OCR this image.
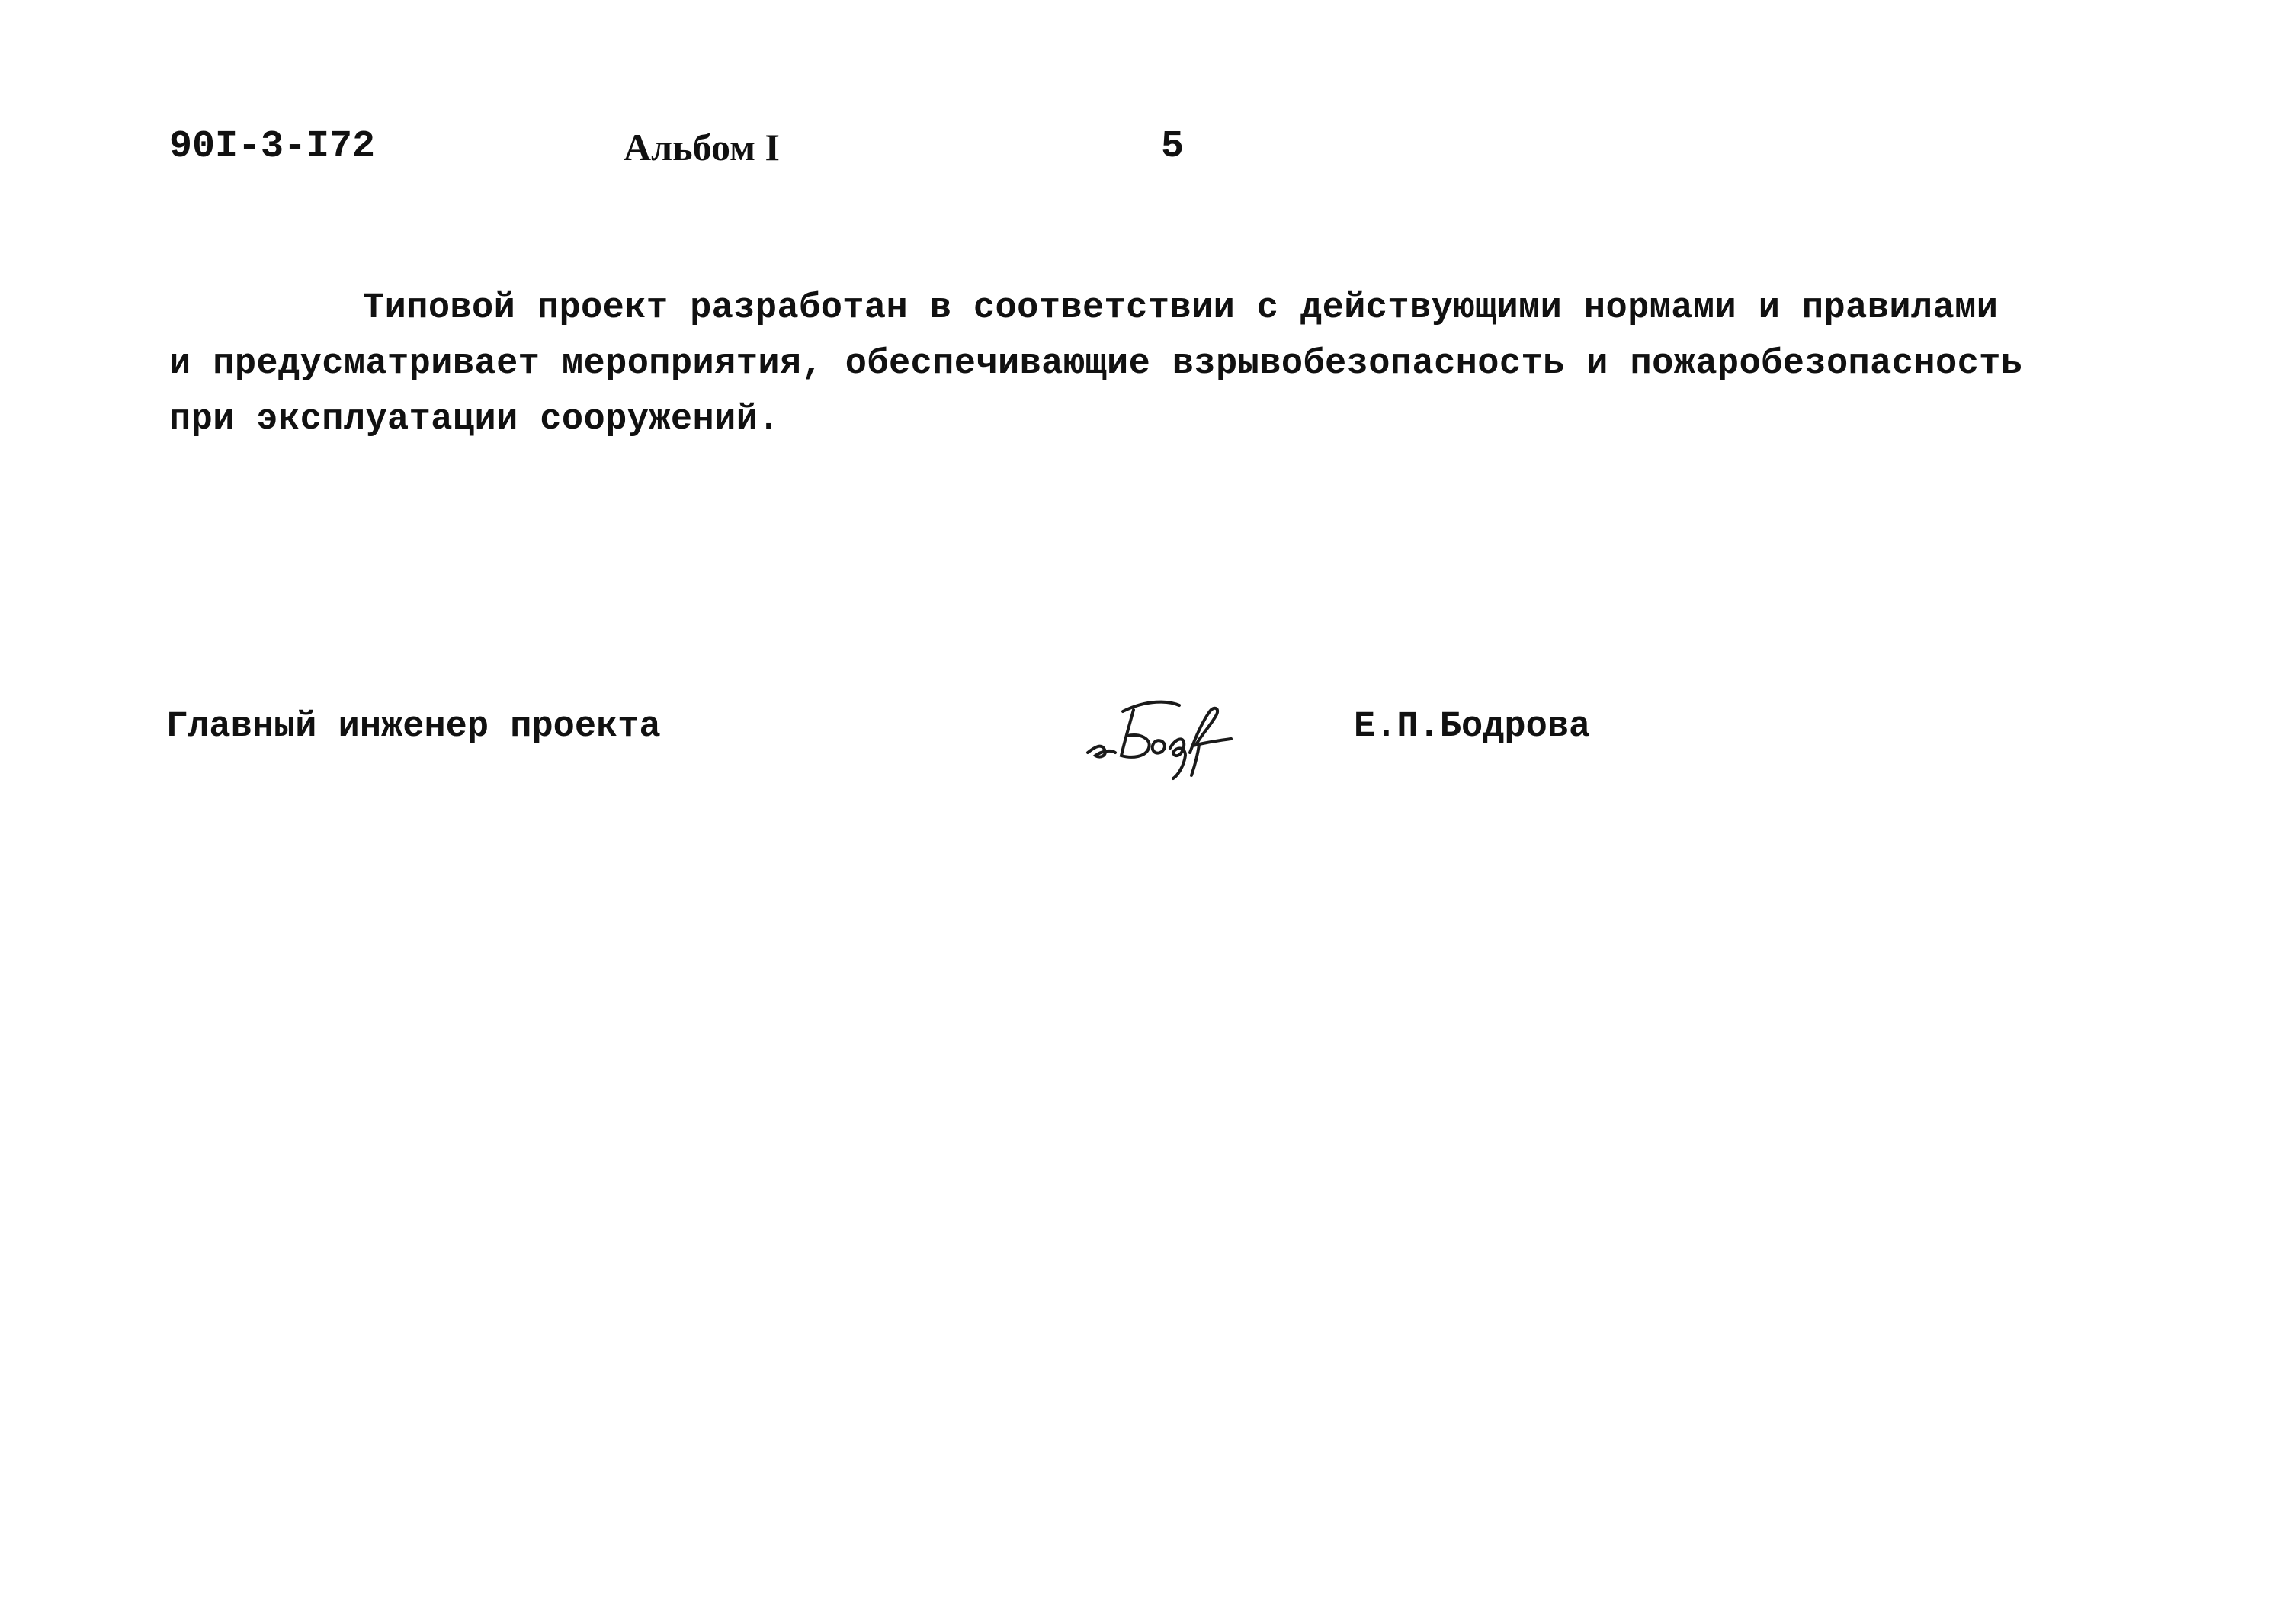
90I-3-I72	Альбом I	5
Типовой проект разработан в соответствии с действующими нормами и правилами
и предусматривает мероприятия, обеспечивающие взрывобезопасность и пожаробезопасность
при эксплуатации сооружений.
Главный инженер проекта	Е.П.Бодрова
